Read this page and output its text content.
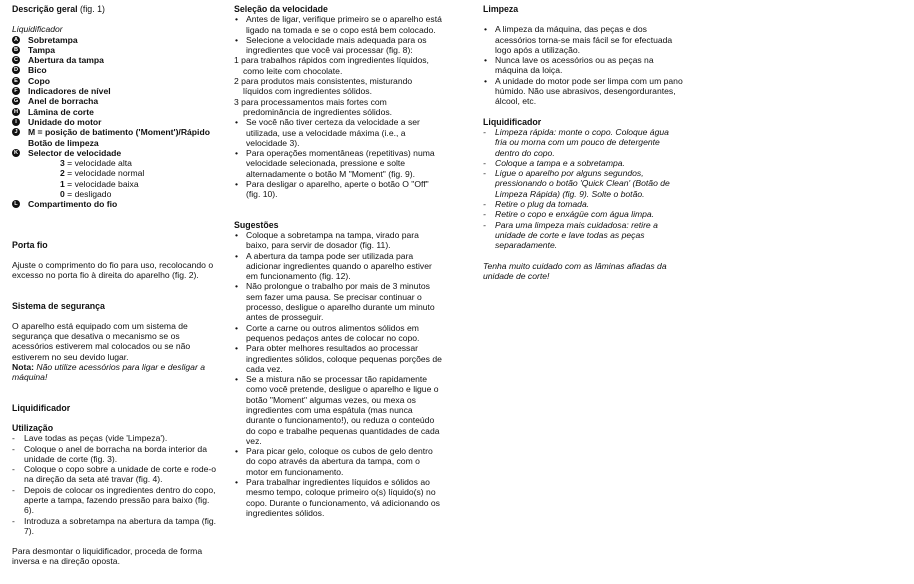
Descrição geral (fig. 1)
Liquidificador
A Sobretampa
B Tampa
C Abertura da tampa
D Bico
E Copo
F Indicadores de nível
G Anel de borracha
H Lâmina de corte
I	Unidade do motor
J M = posição de batimento ('Moment')/Rápido Botão de limpeza
K Selector de velocidade
3 = velocidade alta
2 = velocidade normal
1 = velocidade baixa
0 = desligado
L Compartimento do fio
Porta fio

Ajuste o comprimento do fio para uso, recolocando o excesso no porta fio à direita do aparelho (fig. 2).

Sistema de segurança

O aparelho está equipado com um sistema de segurança que desativa o mecanismo se os acessórios estiverem mal colocados ou se não estiverem no seu devido lugar.

Nota: Não utilize acessórios para ligar e desligar a máquina!

Liquidificador
Utilização
- Lave todas as peças (vide 'Limpeza').
- Coloque o anel de borracha na borda interior da unidade de corte (fig. 3).
- Coloque o copo sobre a unidade de corte e rode-o na direção da seta até travar (fig. 4).
- Depois de colocar os ingredientes dentro do copo, aperte a tampa, fazendo pressão para baixo (fig. 6).
- Introduza a sobretampa na abertura da tampa (fig. 7).

Para desmontar o liquidificador, proceda de forma inversa e na direção oposta.

Seleção da velocidade
• Antes de ligar, verifique primeiro se o aparelho está ligado na tomada e se o copo está bem colocado.
• Selecione a velocidade mais adequada para os ingredientes que você vai processar (fig. 8):
1 para trabalhos rápidos com ingredientes líquidos, como leite com chocolate.
2 para produtos mais consistentes, misturando líquidos com ingredientes sólidos.
3 para processamentos mais fortes com predominância de ingredientes sólidos.
• Se você não tiver certeza da velocidade a ser utilizada, use a velocidade máxima (i.e., a velocidade 3).
• Para operações momentâneas (repetitivas) numa velocidade selecionada, pressione e solte alternadamente o botão M "Moment" (fig. 9).
• Para desligar o aparelho, aperte o botão O "Off" (fig. 10).
Sugestões
• Coloque a sobretampa na tampa, virado para baixo, para servir de dosador (fig. 11).
• A abertura da tampa pode ser utilizada para adicionar ingredientes quando o aparelho estiver em funcionamento (fig. 12).
• Não prolongue o trabalho por mais de 3 minutos sem fazer uma pausa. Se precisar continuar o processo, desligue o aparelho durante um minuto antes de prosseguir.
• Corte a carne ou outros alimentos sólidos em pequenos pedaços antes de colocar no copo.
• Para obter melhores resultados ao processar ingredientes sólidos, coloque pequenas porções de cada vez.
• Se a mistura não se processar tão rapidamente como você pretende, desligue o aparelho e ligue o botão "Moment" algumas vezes, ou mexa os ingredientes com uma espátula (mas nunca durante o funcionamento!), ou reduza o conteúdo do copo e trabalhe pequenas quantidades de cada vez.
• Para picar gelo, coloque os cubos de gelo dentro do copo através da abertura da tampa, com o motor em funcionamento.
• Para trabalhar ingredientes líquidos e sólidos ao mesmo tempo, coloque primeiro o(s) líquido(s) no copo. Durante o funcionamento, vá adicionando os ingredientes sólidos.
Limpeza
• A limpeza da máquina, das peças e dos acessórios torna-se mais fácil se for efectuada logo após a utilização.
• Nunca lave os acessórios ou as peças na máquina da loiça.
• A unidade do motor pode ser limpa com um pano húmido. Não use abrasivos, desengordurantes, álcool, etc.
Liquidificador
- Limpeza rápida: monte o copo. Coloque água fria ou morna com um pouco de detergente dentro do copo.
- Coloque a tampa e a sobretampa.
- Ligue o aparelho por alguns segundos, pressionando o botão 'Quick Clean' (Botão de Limpeza Rápida) (fig. 9). Solte o botão.
- Retire o plug da tomada.
- Retire o copo e enxágüe com água limpa.
- Para uma limpeza mais cuidadosa: retire a unidade de corte e lave todas as peças separadamente.

Tenha muito cuidado com as lâminas afiadas da unidade de corte!
